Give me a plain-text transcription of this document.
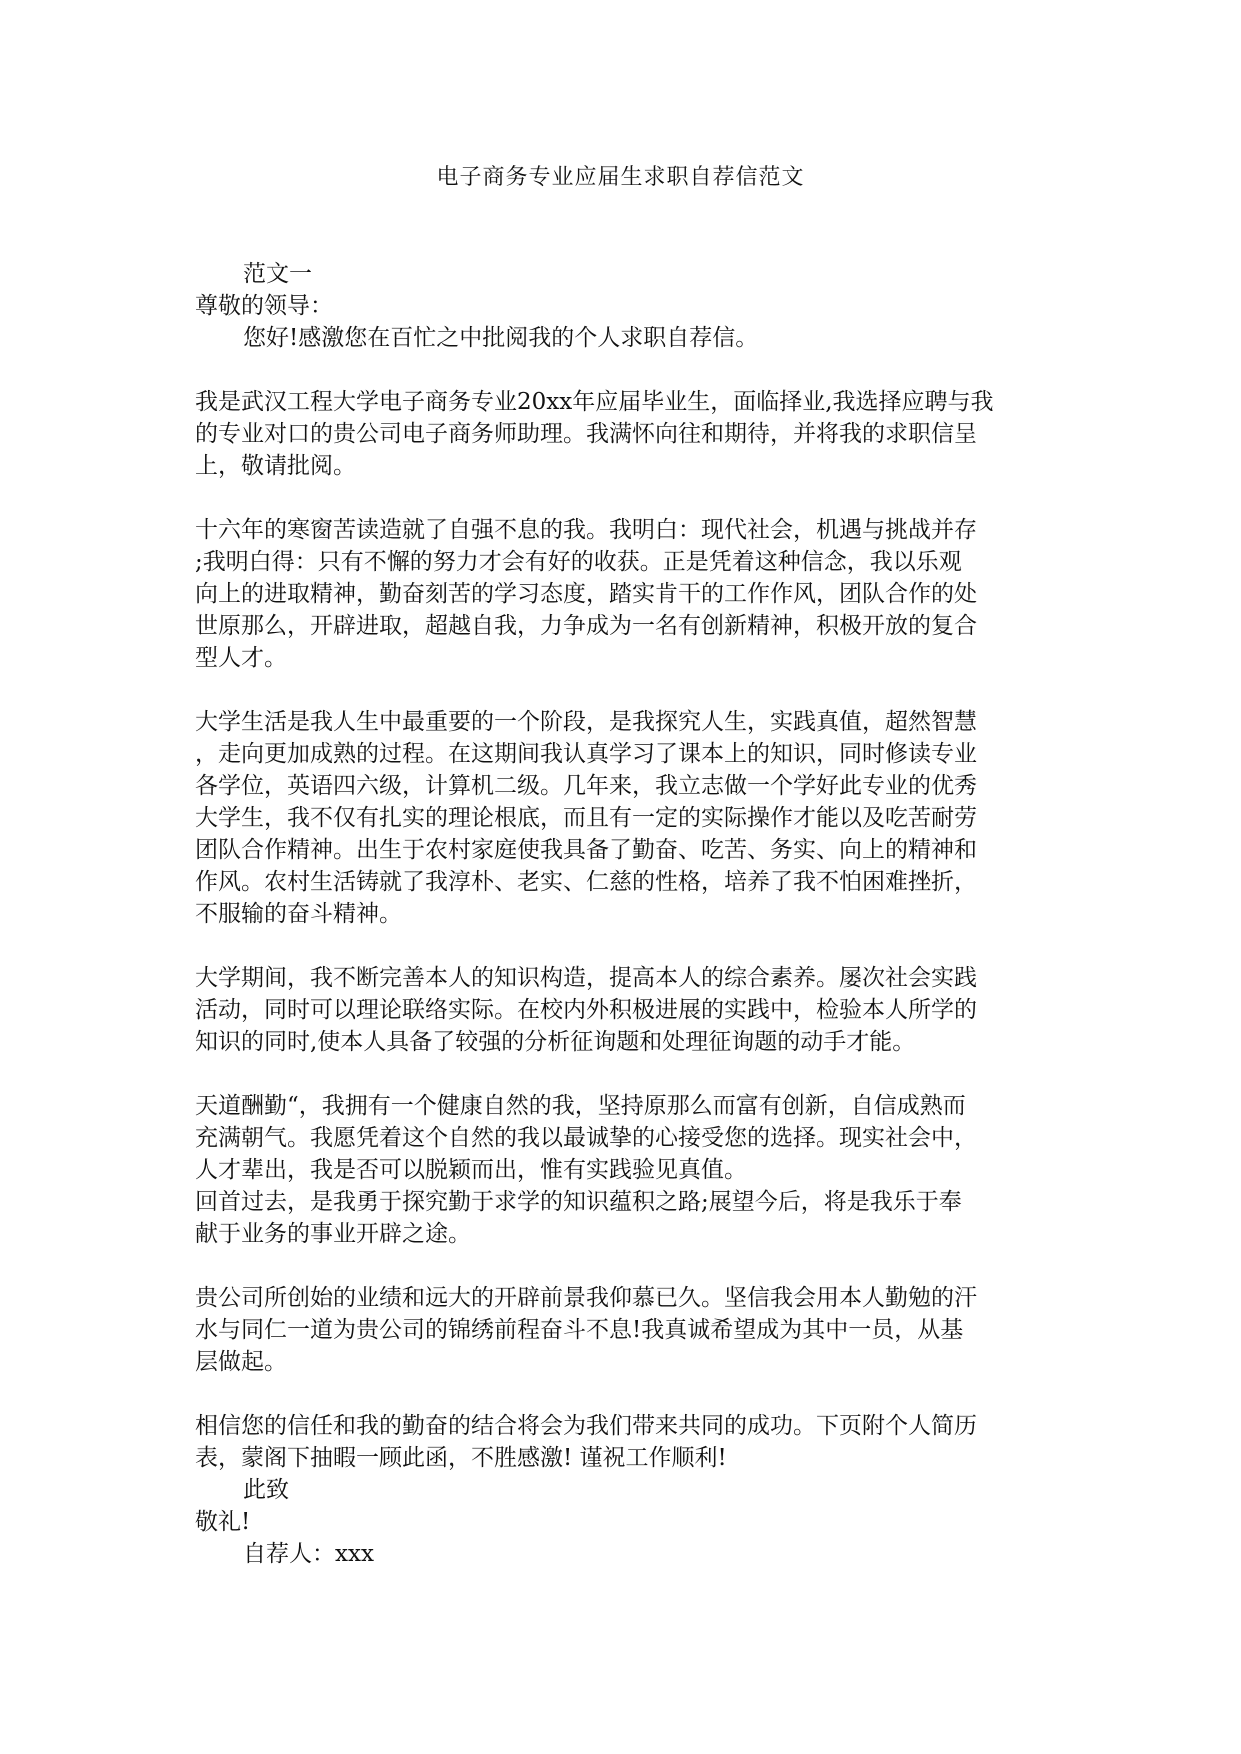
电子商务专业应届生求职自荐信范文

范文一

尊敬的领导：

您好!感激您在百忙之中批阅我的个人求职自荐信。

我是武汉工程大学电子商务专业20xx年应届毕业生，面临择业,我选择应聘与我

的专业对口的贵公司电子商务师助理。我满怀向往和期待，并将我的求职信呈

上，敬请批阅。

十六年的寒窗苦读造就了自强不息的我。我明白：现代社会，机遇与挑战并存

;我明白得：只有不懈的努力才会有好的收获。正是凭着这种信念，我以乐观

向上的进取精神，勤奋刻苦的学习态度，踏实肯干的工作作风，团队合作的处

世原那么，开辟进取，超越自我，力争成为一名有创新精神，积极开放的复合

型人才。

大学生活是我人生中最重要的一个阶段，是我探究人生，实践真值，超然智慧

，走向更加成熟的过程。在这期间我认真学习了课本上的知识，同时修读专业

各学位，英语四六级，计算机二级。几年来，我立志做一个学好此专业的优秀

大学生，我不仅有扎实的理论根底，而且有一定的实际操作才能以及吃苦耐劳

团队合作精神。出生于农村家庭使我具备了勤奋、吃苦、务实、向上的精神和

作风。农村生活铸就了我淳朴、老实、仁慈的性格，培养了我不怕困难挫折，

不服输的奋斗精神。

大学期间，我不断完善本人的知识构造，提高本人的综合素养。屡次社会实践

活动，同时可以理论联络实际。在校内外积极进展的实践中，检验本人所学的

知识的同时,使本人具备了较强的分析征询题和处理征询题的动手才能。

天道酬勤“，我拥有一个健康自然的我，坚持原那么而富有创新，自信成熟而

充满朝气。我愿凭着这个自然的我以最诚挚的心接受您的选择。现实社会中，

人才辈出，我是否可以脱颖而出，惟有实践验见真值。

回首过去，是我勇于探究勤于求学的知识蕴积之路;展望今后，将是我乐于奉

献于业务的事业开辟之途。

贵公司所创始的业绩和远大的开辟前景我仰慕已久。坚信我会用本人勤勉的汗

水与同仁一道为贵公司的锦绣前程奋斗不息!我真诚希望成为其中一员，从基

层做起。

相信您的信任和我的勤奋的结合将会为我们带来共同的成功。下页附个人简历

表，蒙阁下抽暇一顾此函，不胜感激! 谨祝工作顺利!

此致

敬礼!

自荐人：xxx
